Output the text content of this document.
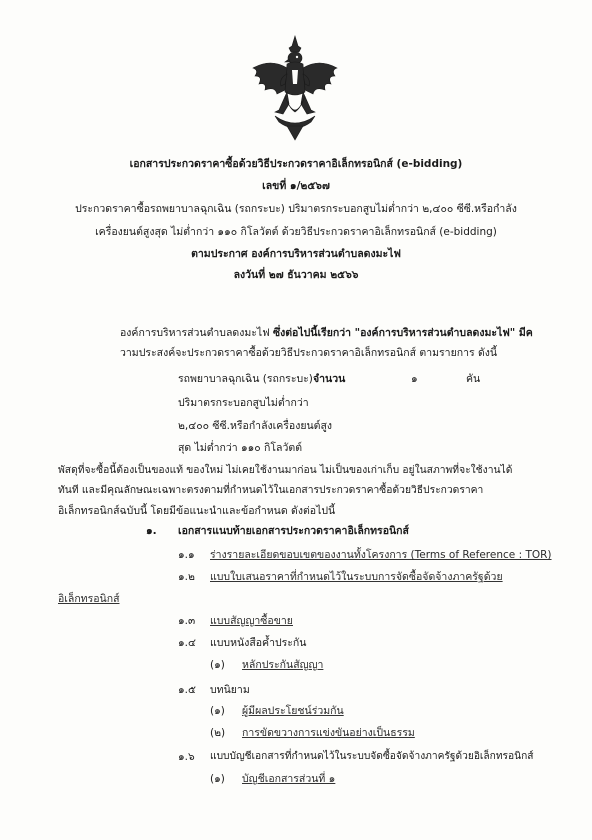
เอกสารประกวดราคาซื้อด้วยวิธีประกวดราคาอิเล็กทรอนิกส์ (e-bidding)
เลขที่ ๑/๒๕๖๗
ประกวดราคาซื้อรถพยาบาลฉุกเฉิน (รถกระบะ) ปริมาตรกระบอกสูบไม่ต่ำกว่า ๒,๔๐๐ ซีซี.หรือกำลัง
เครื่องยนต์สูงสุด ไม่ต่ำกว่า ๑๑๐ กิโลวัตต์ ด้วยวิธีประกวดราคาอิเล็กทรอนิกส์ (e-bidding)
ตามประกาศ องค์การบริหารส่วนตำบลดงมะไฟ
ลงวันที่ ๒๗ ธันวาคม ๒๕๖๖
องค์การบริหารส่วนตำบลดงมะไฟ ซึ่งต่อไปนี้เรียกว่า "องค์การบริหารส่วนตำบลดงมะไฟ" มีค
วามประสงค์จะประกวดราคาซื้อด้วยวิธีประกวดราคาอิเล็กทรอนิกส์ ตามรายการ ดังนี้
รถพยาบาลฉุกเฉิน (รถกระบะ) จำนวน	๑	คัน
ปริมาตรกระบอกสูบไม่ต่ำกว่า
๒,๔๐๐ ซีซี.หรือกำลังเครื่องยนต์สูง
สุด ไม่ต่ำกว่า ๑๑๐ กิโลวัตต์
พัสดุที่จะซื้อนี้ต้องเป็นของแท้ ของใหม่ ไม่เคยใช้งานมาก่อน ไม่เป็นของเก่าเก็บ อยู่ในสภาพที่จะใช้งานได้
ทันที และมีคุณลักษณะเฉพาะตรงตามที่กำหนดไว้ในเอกสารประกวดราคาซื้อด้วยวิธีประกวดราคา
อิเล็กทรอนิกส์ฉบับนี้ โดยมีข้อแนะนำและข้อกำหนด ดังต่อไปนี้
๑. เอกสารแนบท้ายเอกสารประกวดราคาอิเล็กทรอนิกส์
๑.๑ ร่างรายละเอียดขอบเขตของงานทั้งโครงการ (Terms of Reference : TOR)
๑.๒ แบบใบเสนอราคาที่กำหนดไว้ในระบบการจัดซื้อจัดจ้างภาครัฐด้วย
อิเล็กทรอนิกส์
๑.๓ แบบสัญญาซื้อขาย
๑.๔ แบบหนังสือค้ำประกัน
(๑) หลักประกันสัญญา
๑.๕ บทนิยาม
(๑) ผู้มีผลประโยชน์ร่วมกัน
(๒) การขัดขวางการแข่งขันอย่างเป็นธรรม
๑.๖ แบบบัญชีเอกสารที่กำหนดไว้ในระบบจัดซื้อจัดจ้างภาครัฐด้วยอิเล็กทรอนิกส์
(๑) บัญชีเอกสารส่วนที่ ๑
